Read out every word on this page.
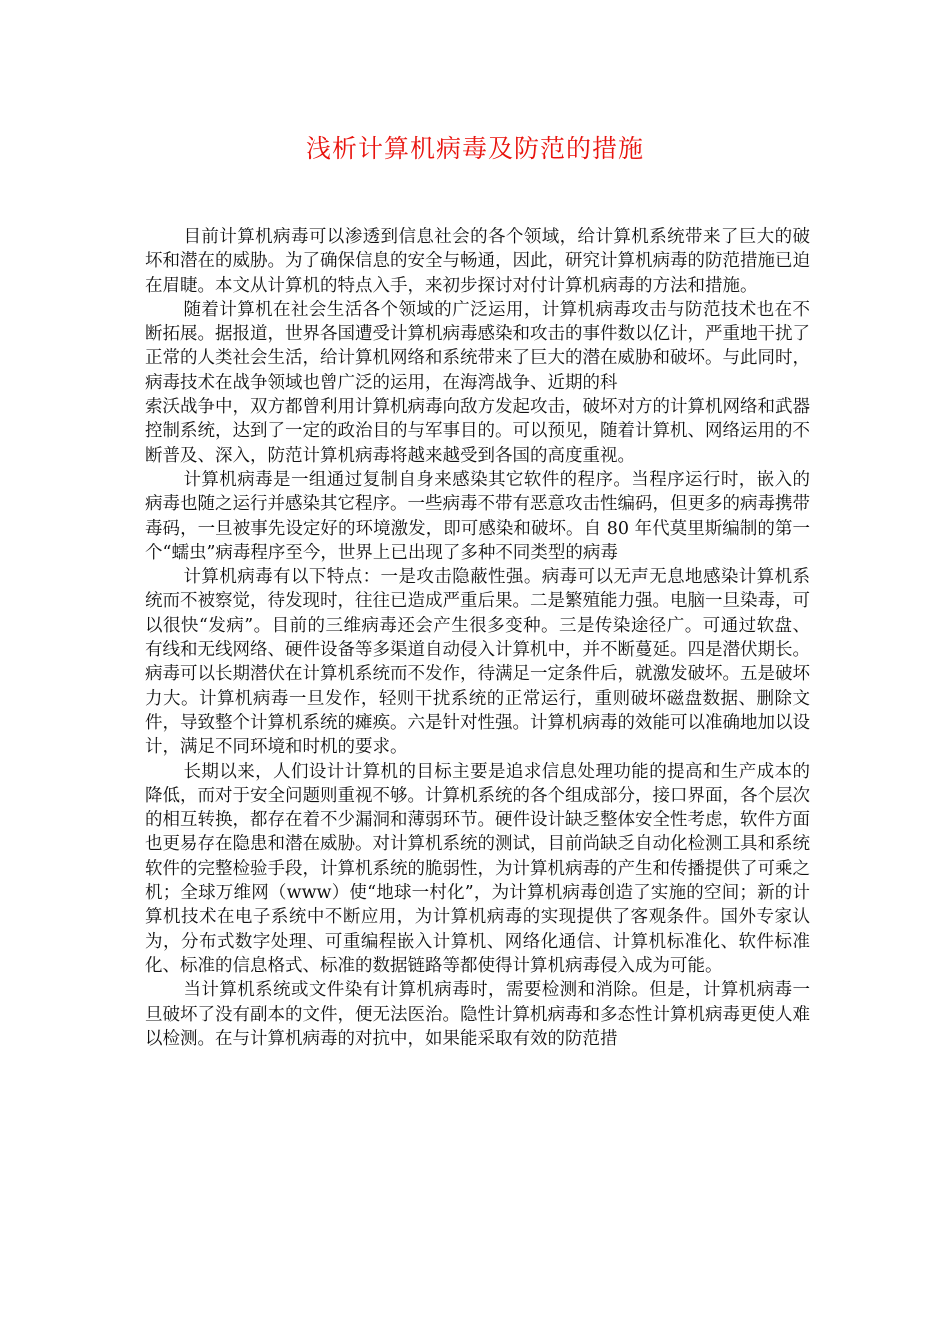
浅析计算机病毒及防范的措施

目前计算机病毒可以渗透到信息社会的各个领域，给计算机系统带来了巨大的破坏和潜在的威胁。为了确保信息的安全与畅通，因此，研究计算机病毒的防范措施已迫在眉睫。本文从计算机的特点入手，来初步探讨对付计算机病毒的方法和措施。

随着计算机在社会生活各个领域的广泛运用，计算机病毒攻击与防范技术也在不断拓展。据报道，世界各国遭受计算机病毒感染和攻击的事件数以亿计，严重地干扰了正常的人类社会生活，给计算机网络和系统带来了巨大的潜在威胁和破坏。与此同时，病毒技术在战争领域也曾广泛的运用，在海湾战争、近期的科

索沃战争中，双方都曾利用计算机病毒向敌方发起攻击，破坏对方的计算机网络和武器控制系统，达到了一定的政治目的与军事目的。可以预见，随着计算机、网络运用的不断普及、深入，防范计算机病毒将越来越受到各国的高度重视。

计算机病毒是一组通过复制自身来感染其它软件的程序。当程序运行时，嵌入的病毒也随之运行并感染其它程序。一些病毒不带有恶意攻击性编码，但更多的病毒携带毒码，一旦被事先设定好的环境激发，即可感染和破坏。自 80 年代莫里斯编制的第一个“蠕虫”病毒程序至今，世界上已出现了多种不同类型的病毒

计算机病毒有以下特点：一是攻击隐蔽性强。病毒可以无声无息地感染计算机系统而不被察觉，待发现时，往往已造成严重后果。二是繁殖能力强。电脑一旦染毒，可以很快“发病”。目前的三维病毒还会产生很多变种。三是传染途径广。可通过软盘、有线和无线网络、硬件设备等多渠道自动侵入计算机中，并不断蔓延。四是潜伏期长。病毒可以长期潜伏在计算机系统而不发作，待满足一定条件后，就激发破坏。五是破坏力大。计算机病毒一旦发作，轻则干扰系统的正常运行，重则破坏磁盘数据、删除文件，导致整个计算机系统的瘫痪。六是针对性强。计算机病毒的效能可以准确地加以设计，满足不同环境和时机的要求。

长期以来，人们设计计算机的目标主要是追求信息处理功能的提高和生产成本的降低，而对于安全问题则重视不够。计算机系统的各个组成部分，接口界面，各个层次的相互转换，都存在着不少漏洞和薄弱环节。硬件设计缺乏整体安全性考虑，软件方面也更易存在隐患和潜在威胁。对计算机系统的测试，目前尚缺乏自动化检测工具和系统软件的完整检验手段，计算机系统的脆弱性，为计算机病毒的产生和传播提供了可乘之机；全球万维网（www）使“地球一村化”，为计算机病毒创造了实施的空间；新的计算机技术在电子系统中不断应用，为计算机病毒的实现提供了客观条件。国外专家认为，分布式数字处理、可重编程嵌入计算机、网络化通信、计算机标准化、软件标准化、标准的信息格式、标准的数据链路等都使得计算机病毒侵入成为可能。

当计算机系统或文件染有计算机病毒时，需要检测和消除。但是，计算机病毒一旦破坏了没有副本的文件，便无法医治。隐性计算机病毒和多态性计算机病毒更使人难以检测。在与计算机病毒的对抗中，如果能采取有效的防范措
